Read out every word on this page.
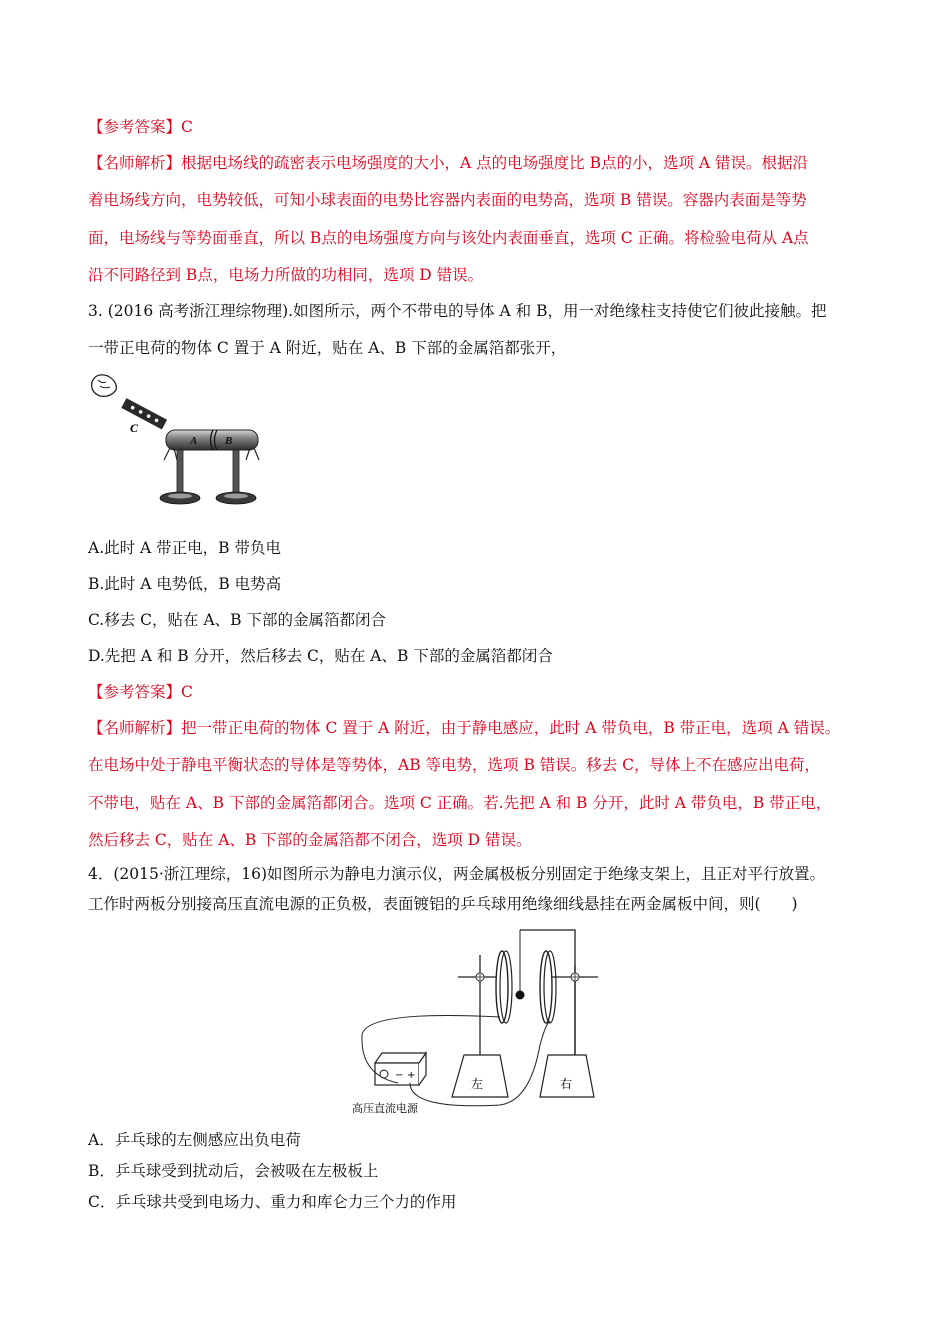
【参考答案】C
【名师解析】根据电场线的疏密表示电场强度的大小，A 点的电场强度比 B点的小，选项 A 错误。根据沿
着电场线方向，电势较低，可知小球表面的电势比容器内表面的电势高，选项 B 错误。容器内表面是等势
面，电场线与等势面垂直，所以 B点的电场强度方向与该处内表面垂直，选项 C 正确。将检验电荷从 A点
沿不同路径到 B点，电场力所做的功相同，选项 D 错误。
3. (2016 高考浙江理综物理).如图所示，两个不带电的导体 A 和 B，用一对绝缘柱支持使它们彼此接触。把
一带正电荷的物体 C 置于 A 附近，贴在 A、B 下部的金属箔都张开，
C
A	B
A.此时 A 带正电，B 带负电
B.此时 A 电势低，B 电势高
C.移去 C，贴在 A、B 下部的金属箔都闭合
D.先把 A 和 B 分开，然后移去 C，贴在 A、B 下部的金属箔都闭合
【参考答案】C
【名师解析】把一带正电荷的物体 C 置于 A 附近，由于静电感应，此时 A 带负电，B 带正电，选项 A 错误。
在电场中处于静电平衡状态的导体是等势体，AB 等电势，选项 B 错误。移去 C，导体上不在感应出电荷，
不带电，贴在 A、B 下部的金属箔都闭合。选项 C 正确。若.先把 A 和 B 分开，此时 A 带负电，B 带正电，
然后移去 C，贴在 A、B 下部的金属箔都不闭合，选项 D 错误。
4．(2015·浙江理综，16)如图所示为静电力演示仪，两金属极板分别固定于绝缘支架上，且正对平行放置。
工作时两板分别接高压直流电源的正负极，表面镀铝的乒乓球用绝缘细线悬挂在两金属板中间，则(　　)
左	右
− +
高压直流电源
A．乒乓球的左侧感应出负电荷
B．乒乓球受到扰动后，会被吸在左极板上
C．乒乓球共受到电场力、重力和库仑力三个力的作用
